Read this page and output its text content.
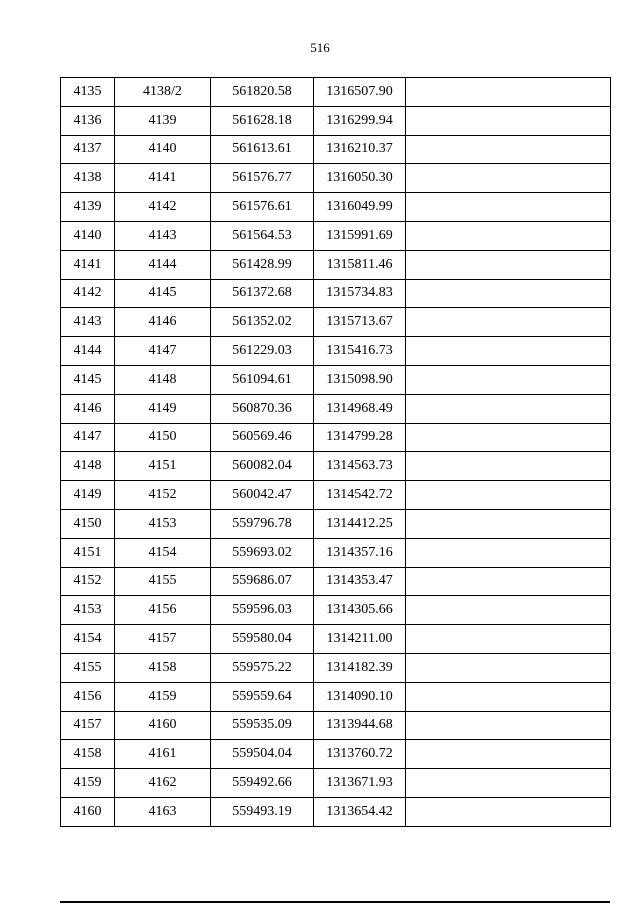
516
4135	4138/2	561820.58	1316507.90	
4136	4139	561628.18	1316299.94	
4137	4140	561613.61	1316210.37	
4138	4141	561576.77	1316050.30	
4139	4142	561576.61	1316049.99	
4140	4143	561564.53	1315991.69	
4141	4144	561428.99	1315811.46	
4142	4145	561372.68	1315734.83	
4143	4146	561352.02	1315713.67	
4144	4147	561229.03	1315416.73	
4145	4148	561094.61	1315098.90	
4146	4149	560870.36	1314968.49	
4147	4150	560569.46	1314799.28	
4148	4151	560082.04	1314563.73	
4149	4152	560042.47	1314542.72	
4150	4153	559796.78	1314412.25	
4151	4154	559693.02	1314357.16	
4152	4155	559686.07	1314353.47	
4153	4156	559596.03	1314305.66	
4154	4157	559580.04	1314211.00	
4155	4158	559575.22	1314182.39	
4156	4159	559559.64	1314090.10	
4157	4160	559535.09	1313944.68	
4158	4161	559504.04	1313760.72	
4159	4162	559492.66	1313671.93	
4160	4163	559493.19	1313654.42	
